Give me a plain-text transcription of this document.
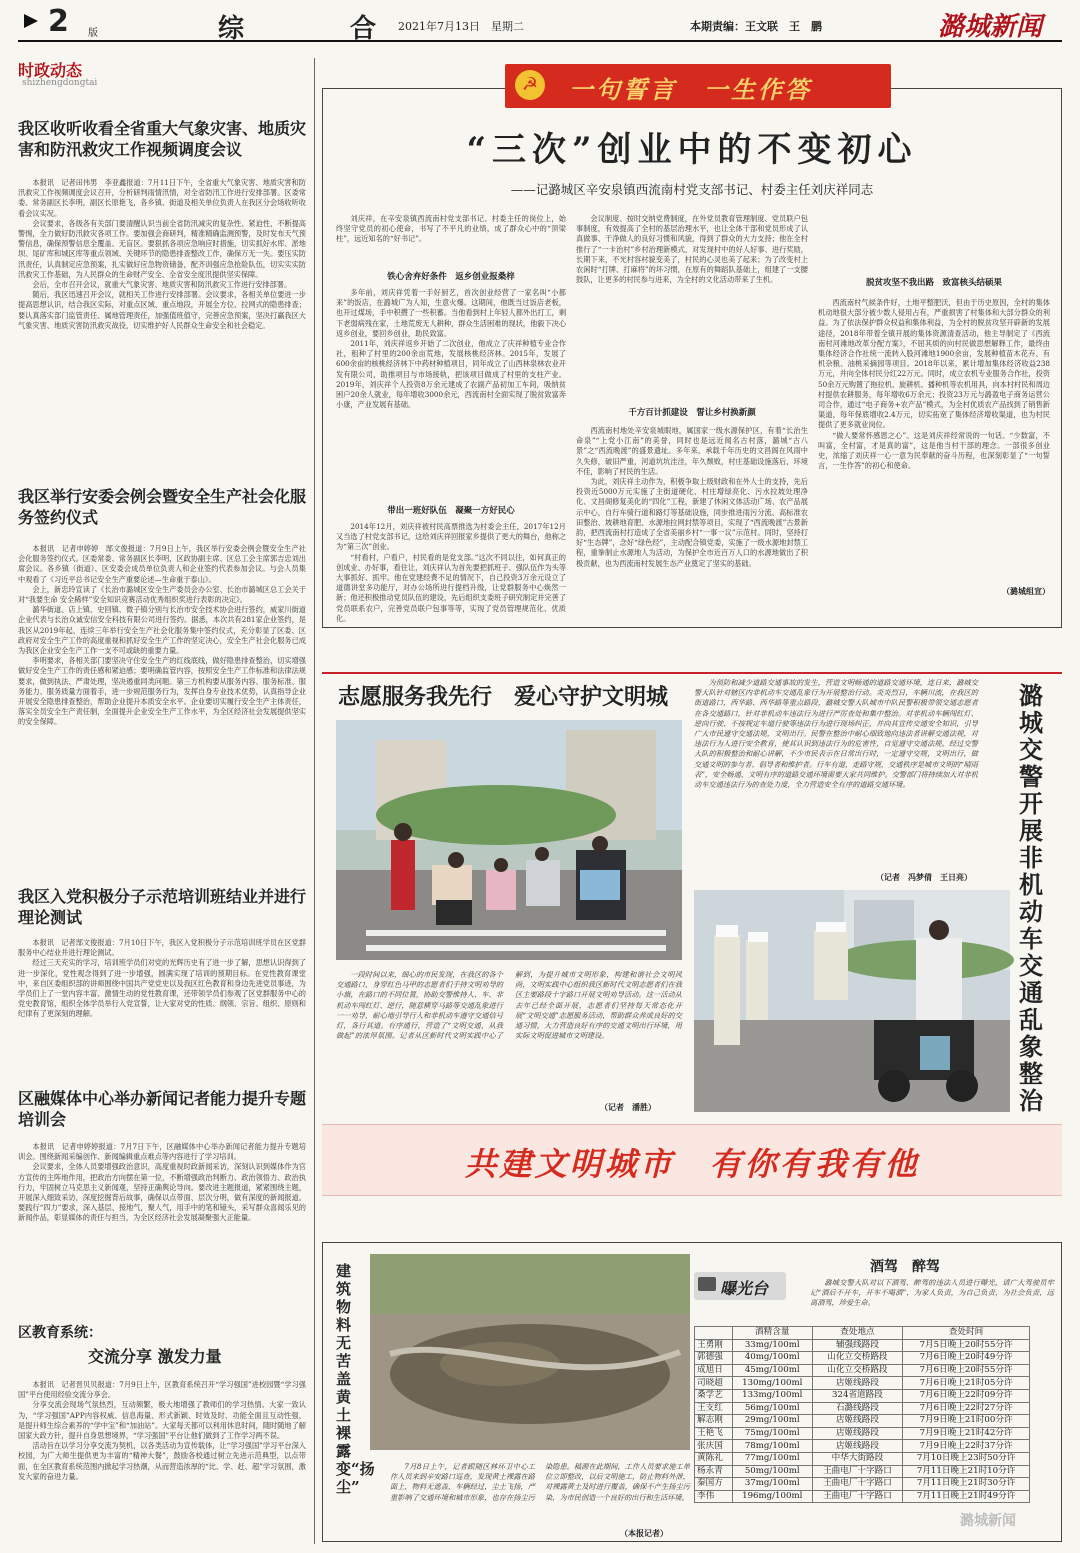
2 版	综　合
2021年7月13日　星期二	本期责编：王文联　王　鹏	潞城新闻
时政动态
shizhengdongtai
我区收听收看全省重大气象灾害、地质灾害和防汛救灾工作视频调度会议

本报讯　记者田伟男　李亚鑫报道：7月11日下午，全省重大气象灾害、地质灾害和防汛救灾工作视频调度会议召开，分析研判雨情汛情，对全省防汛工作进行安排部署。区委常委、常务副区长李明，副区长原艳飞，各乡镇、街道及相关单位负责人在我区分会场收听收看会议实况。

会议要求，各级各有关部门要清醒认识当前全省防汛减灾的复杂性、紧迫性，不断提高警惕，全力做好防汛救灾各项工作。要加强会商研判，精准精确监测预警，及时发布天气预警信息，确保预警信息全覆盖、无盲区。要狠抓各项应急响应时措施，切实抓好水库、淤地坝、尾矿库和城区库等重点领域、关键环节的隐患排查整改工作，确保万无一失。要压实防汛责任，认真制定应急预案，扎实做好应急物资储备，配齐训强应急抢险队伍，切实实实防汛救灾工作基础，为人民群众的生命财产安全、全省安全度汛提供坚实保障。

会后，全市召开会议，就重大气象灾害、地质灾害和防汛救灾工作进行安排部署。

随后，我区迅速召开会议，就相关工作进行安排部署。会议要求，各相关单位要进一步提高思想认识，结合我区实际，对重点区域、重点地段，开展全方位、拉网式的隐患排查；要认真落实部门监管责任、属地管理责任，加强值班值守，完善应急预案，坚决打赢我区大气象灾害、地质灾害防汛救灾战役，切实维护好人民群众生命安全和社会稳定。

我区举行安委会例会暨安全生产社会化服务签约仪式

本报讯　记者申婷婷　郜文俊报道：7月9日上午，我区举行安委会例会暨安全生产社会化服务签约仪式。区委常委、常务副区长李明，区政协副主席、区总工会主席郭吉忠刘出席会议。各乡镇（街道）、区安委会成员单位负责人和企业签约代表参加会议。与会人员集中观看了《习近平总书记安全生产重要论述—生命重于泰山》。

会上，新忠玲宣读了《长治市潞城区安全生产委员会办公室、长治市潞城区总工会关于对“我要生命 安全稀样”安全知识竞赛活动优秀组织奖进行表彰的决定》。

潞华街道、店上镇、史回镇、微子镇分别与长治市安全技术协会进行签约，威家川街道企业代表与长治众诚安信安全科技有限公司进行签约。据悉，本次共有281家企业签约，是我区从2019年起，连续三年举行安全生产社会化服务集中签约仪式，充分彰显了区委、区政府对安全生产工作的高度重视和抓好安全生产工作的坚定决心，安全生产社会化服务已成为我区企业安全生产工作一支不可或缺的重要力量。

李明要求，各相关部门要坚决守住安全生产的红线底线，做好隐患排查整治，切实增强做好安全生产工作的责任感和紧迫感；要明确监管内容，按照安全生产工作标准和法律法规要求，做到执法、严肃处理，坚决遏重同类问题。第三方机构要从服务内容、服务标准、服务能力、服务质量方面着手，进一步规范服务行为，发挥自身专业技术优势，认真指导企业开展安全隐患排查整治，帮助企业提升本质安全水平。企业要切实履行安全生产主体责任，落实全员安全生产责任制，全面提升企业安全生产工作水平，为全区经济社会发展提供坚实的安全保障。

我区入党积极分子示范培训班结业并进行理论测试

本报讯　记者郜文俊报道：7月10日下午，我区入党积极分子示范培训班学员在区党群服务中心结业并进行理论测试。

经过三天充实的学习，培训班学员们对党的光辉历史有了进一步了解，思想认识得到了进一步深化，党性观念得到了进一步增强，圆满实现了培训的预期目标。在党性教育课堂中，来自区委组织部的讲师围绕中国共产党党史以及我区红色教育和身边先进党员事迹，为学员们上了一堂内容丰富、激情生动的党性教育课，还带领学员们参观了区党群服务中心的党史教育馆，组织全体学员举行入党宣誓，让大家对党的性质、纲领、宗旨、组织、原则和纪律有了更深刻的理解。

区融媒体中心举办新闻记者能力提升专题培训会

本报讯　记者申婷婷报道：7月7日下午，区融媒体中心举办新闻记者能力提升专题培训会。围绕新闻采编创作、新闻编辑重点难点等内容进行了学习培训。

会议要求，全体人员要增强政治意识，高度重视时政新闻采访，深刻认识到媒体作为官方宣传的主阵地作用，把政治方向摆在第一位，不断增强政治判断力、政治领悟力、政治执行力，牢固树立马克思主义新闻观，坚持正确舆论导向。要改进主题报道，紧紧围绕主题，开展深入细致采访，深度挖掘背后故事，确保以点带面、层次分明，做有深度的新闻报道。要践行“四力”要求，深入基层、接地气，聚人气，用手中的笔和镜头，采写群众喜闻乐见的新闻作品，彰显媒体的责任与担当，为全区经济社会发展凝聚强大正能量。

区教育系统：
交流分享 激发力量

本报讯　记者晋贝贝报道：7月9日上午，区教育系统召开“学习强国”进校园暨“学习强国”平台使用经验交流分享会。

分享交流会现场气氛热烈，互动频繁，极大地增强了教师们的学习热情。大家一致认为，“学习强国”APP内容权威、信息海量、形式新颖、时效及时、功能全面且互动性强，是提升师生综合素养的“学中宝”和“加油站”。大家每天都可以利用休息时间，随时随地了解国家大政方针，提升自身思想境界，“学习强国”平台让他们做到了工作学习两不误。

活动旨在以学习分享交流为契机，以各类活动为宣传载体，让“学习强国”学习平台深入校园，为广大师生提供更为丰富的“精神大餐”，鼓励各校通过树立先进示范典型，以点带面，在全区教育系统范围内掀起学习热潮，从而营造浓厚的“比、学、赶、超”学习氛围，激发大家的奋进力量。

☭ 一句誓言　一生作答
“三次”创业中的不变初心
——记潞城区辛安泉镇西流南村党支部书记、村委主任刘庆祥同志

刘庆祥，在辛安泉镇西流南村党支部书记、村委主任的岗位上，始终坚守党员的初心使命，书写了不平凡的业绩，成了群众心中的“顶梁柱”，远近知名的“好书记”。

铁心舍弃好条件　返乡创业报桑梓

多年前，刘庆祥凭着一手好厨艺，首次创业经营了一家名叫“小都来”的饭店，在潞城广为人知，生意火爆。这期间，他既当过饭店老板，也开过煤场，手中积攒了一些积蓄。当他看到村上年轻人都外出打工，剩下老弱病残在家，土地荒废无人耕种，群众生活困难的现状，他毅下决心返乡创业，要回乡创业，助民致富。

2011年，刘庆祥返乡开始了二次创业，他成立了庆祥种植专业合作社，租种了村里的200余亩荒地，发展核桃经济林。2015年，发展了600余亩的核桃经济林下中药材种植项目，同年成立了山西林泉林农业开发有限公司，助推项目与市场接轨，把该项目做成了村里的支柱产业。2019年，刘庆祥个人投资8万余元建成了农副产品初加工车间，吸纳贫困户20余人就业，每年增收3000余元，西流南村全面实现了脱贫致富奔小康，产业发展有基础。

带出一班好队伍　凝聚一方好民心

2014年12月，刘庆祥被村民高票推选为村委会主任，2017年12月又当选了村党支部书记，这给刘庆祥回报家乡提供了更大的舞台，他称之为“第三次”创业。

“村看村，户看户，村民看的是党支部。”这次不同以往，如何真正的创成业、办好事，看住让，刘庆祥认为首先要把抓班子、强队伍作为头等大事抓好、抓牢。他在党建经费不足的情况下，自己投资3万余元设立了道德讲堂多功能厅，对办公场所进行提档升级，让党群服务中心焕然一新；他还积极推动党员队伍的建设，先后组织支委班子研究制定并完善了党员联系农户，完善党员联户包事等等，实现了党员管理规范化、优质化。

会议制度、按时交纳党费制度，在外党员教育管理制度、党员联户包事制度，有效提高了全村的基层治理水平，也让全体干部和党员形成了认真做事、干净做人的良好习惯和风貌，得到了群众的大力支持；他在全村推行了“一卡治村”乡村治理新模式，对发现村中的好人好事、进行奖励，长期下来，不光村容村貌变美了，村民的心灵也美了起来；为了改变村上农闲时“打牌、打麻将”的坏习惯，在原有的舞蹈队基础上，组建了一支腰鼓队，让更多的村民参与进来，为全村的文化活动带来了生机。

千方百计抓建设　誓让乡村换新颜

西流南村地处辛安泉城眼地，属国家一级水源保护区，有着“长治生命泉”“上党小江南”的美誉，同时也是远近闻名古村落，潞城“古八景”之“西流晚渡”的盛景遗址。多年来，承载千年历史的文昌阁在风雨中久失修，破旧严重，河道坑坑洼洼，年久颓败，村庄基础设施落后，环境不佳，影响了村民的生活。

为此，刘庆祥主动作为，积极争取上级财政和在外人士的支持，先后投资近5000万元实施了主街道硬化、村庄增绿亮化、污水拉坡处理净化、文昌阁修复美化的“四化”工程，新建了休闲文体活动广场、农产品展示中心，自行车骑行道和路灯等基础设施，同步推进雨污分流、高标准农田整治、坡耕地育肥、水源地拉网封禁等项目，实现了“西流晚渡”古景新韵，把西流南村打造成了全省美丽乡村“一事一议”示范村。同时，坚持打好“生态牌”，念好“绿色经”，主动配合镇党委，实施了一级水源地封禁工程，重拳制止水源地人为活动，为保护全市近百万人口的水源地做出了积极贡献，也为西流南村发展生态产业奠定了坚实的基础。

脱贫攻坚不我出路　致富核头结硕果

西流南村气候条件好，土地平整肥沃，但由于历史原因，全村的集体机动地很大部分被少数人侵用占有，严重损害了村集体和大部分群众的利益。为了依法保护群众权益和集体利益，为全村的脱贫攻坚开辟新的发展途径，2018年带着全镇开展的集体资源清查活动，他主导制定了《西流南村河滩地改革分配方案》，不屈其烦的向村民做思想解释工作，最终由集体经济合作社统一流转入股河滩地1900余亩，发展种植苗木花卉、有机杂粮、油桃采摘园等项目。2018年以来，累计增加集体经济收益238万元，并向全体村民分红22万元。同时，成立农机专业服务合作社，投资50余万元购置了拖拉机、旋耕机、播种机等农机用具，向本村村民和周边村提供农耕服务，每年增收6万余元；投资23万元与潞盈电子商务运营公司合作，通过“电子商务+农产品”模式，为全村优质农产品找到了销售新渠道，每年保底增收2.4万元，切实拓宽了集体经济增收渠道，也为村民提供了更多就业岗位。

“做人要常怀感恩之心”。这是刘庆祥经常说的一句话。“少数富，不叫富，全村富，才是真的富”，这是他当村干部的理念。一部很多创业史，浓缩了刘庆祥一心一意为民奉献的奋斗历程，也深刻彰显了“一句誓言，一生作答”的初心和使命。

（潞城组宣）
志愿服务我先行　爱心守护文明城

一段时间以来，细心的市民发现，在我区的各个交通路口，身穿红色马甲的志愿者们手持文明劝导的小旗，在路口的不同位置，协助交警维持人、车、非机动车闯红灯、逆行，随意横穿马路等交通乱象进行一一劝导，耐心地引导行人和非机动车遵守交通信号灯，各行其道。有序通行，营造了“文明交通，从我做起”的浓厚氛围。记者从区新时代文明实践中心了解到，为提升城市文明形象，构建和谐社会文明风尚，文明实践中心组织我区新时代文明志愿者们在我区主要路段十字路口开展文明劝导活动。这一活动从去年已经全面开展，志愿者们坚持每天常态化开展“文明交通”志愿服务活动，帮助群众养成良好的交通习惯，大力营造良好有序的交通文明出行环境，用实际文明促进城市文明建设。

（记者　潘胜）

为预防和减少道路交通事故的发生，营造文明畅通的道路交通环境，连日来，潞城交警大队针对辖区内非机动车交通乱象行为开展整治行动。炎炎烈日，车辆川流，在我区的街道路口，西华路、西华路等重点路段，潞城交警大队城市中队民警积极带领交通志愿者在各交通路口，针对非机动车违法行为进行严厉查处和集中整治。对非机动车辆闯红灯、逆向行驶、不按规定车道行驶等违法行为进行现场纠正，并向其宣传交通安全知识，引导广大市民遵守交通法规，文明出行。民警在整治中耐心细致地向违法者讲解交通法规，对违法行为人进行安全教育，使其认识到违法行为的危害性，自觉遵守交通法规。经过交警大队的积极整治和耐心讲解，不少市民表示在日常出行时，一定遵守交规，文明出行，做交通文明的参与者、倡导者和维护者。行车有道，走路守规，交通秩序是城市文明的“晴雨表”，安全畅通、文明有序的道路交通环境需要大家共同维护。交警部门将持续加大对非机动车交通违法行为的查处力度，全力营造安全有序的道路交通环境。

（记者　冯梦倩　王日亮）
潞城交警开展非机动车交通乱象整治
共建文明城市　有你有我有他
建筑物料无苦盖　黄土裸露变“扬尘”

7月8日上午，记者跟随区林环卫中心工作人员来到辛安路口巡查，发现黄土裸露在路面上，物料无遮盖，车辆经过，尘土飞扬，严重影响了交通环境和城市形象，也存在扬尘污染隐患。稿源在此期间，工作人员要求施工单位立即整改，以后文明施工，防止物料外泄，对裸露黄土及时进行覆盖，确保不产生扬尘污染，为市民创造一个良好的出行和生活环境。

（本报记者）
曝光台
酒驾　醉驾

潞城交警大队对以下酒驾、醉驾的违法人员进行曝光，请广大驾驶员牢记“酒后不开车，开车不喝酒”，为家人负责，为自己负责，为社会负责，远离酒驾，珍爱生命。

	酒精含量	查处地点	查处时间
王勇刚	33mg/100ml	辅强线路段	7月5日晚上20时55分许
郭德强	40mg/100ml	山化立交桥路段	7月6日晚上20时49分许
成旭日	45mg/100ml	山化立交桥路段	7月6日晚上20时55分许
司晓超	130mg/100ml	店姬线路段	7月6日晚上21时05分许
桑学艺	133mg/100ml	324省道路段	7月6日晚上22时09分许
王支红	56mg/100ml	石潞线路段	7月6日晚上22时27分许
解志刚	29mg/100ml	店姬线路段	7月9日晚上21时00分许
王艳飞	75mg/100ml	店姬线路段	7月9日晚上21时42分许
张庆国	78mg/100ml	店姬线路段	7月9日晚上22时37分许
黄陈礼	77mg/100ml	中华大街路段	7月10日晚上23时50分许
杨永青	50mg/100ml	王曲电厂十字路口	7月11日晚上21时10分许
秦国方	37mg/100ml	王曲电厂十字路口	7月11日晚上21时30分许
李伟	196mg/100ml	王曲电厂十字路口	7月11日晚上21时49分许
潞城新闻
